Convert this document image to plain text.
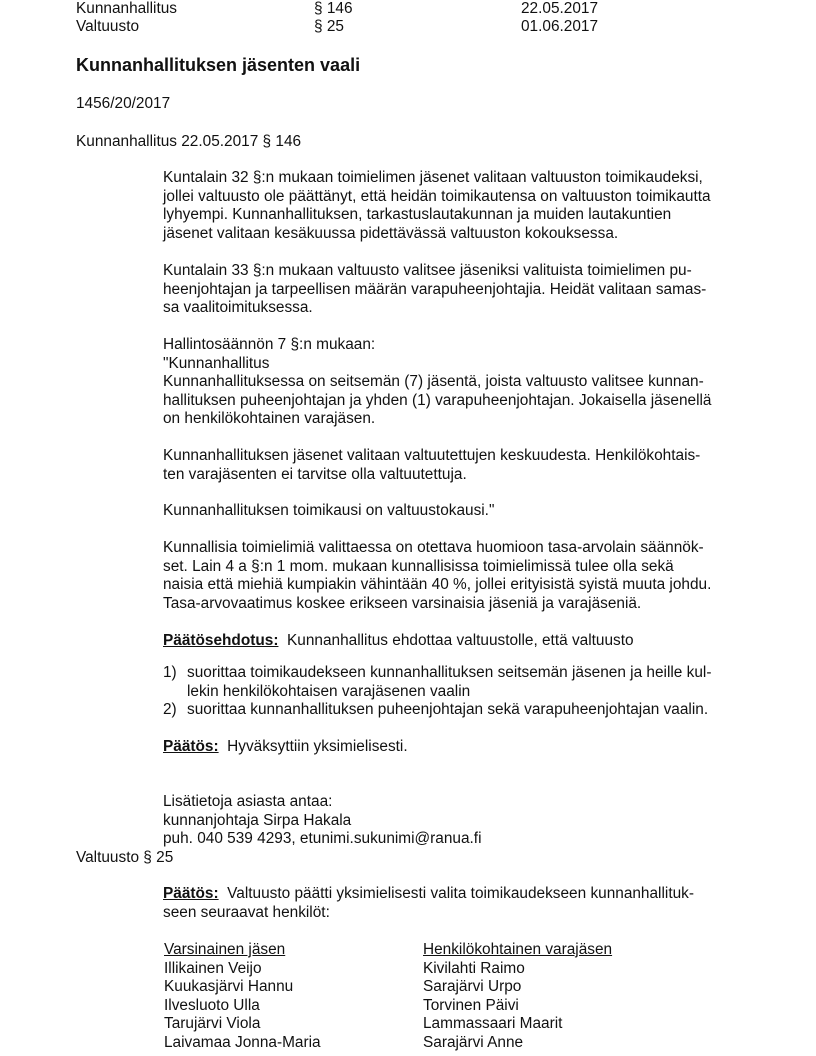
Kunnanhallitus	§ 146	22.05.2017
Valtuusto	§ 25	01.06.2017
Kunnanhallituksen jäsenten vaali
1456/20/2017
Kunnanhallitus 22.05.2017 § 146
Kuntalain 32 §:n mukaan toimielimen jäsenet valitaan valtuuston toimikaudeksi,
jollei valtuusto ole päättänyt, että heidän toimikautensa on valtuuston toimikautta
lyhyempi. Kunnanhallituksen, tarkastuslautakunnan ja muiden lautakuntien
jäsenet valitaan kesäkuussa pidettävässä valtuuston kokouksessa.
Kuntalain 33 §:n mukaan valtuusto valitsee jäseniksi valituista toimielimen pu-
heenjohtajan ja tarpeellisen määrän varapuheenjohtajia. Heidät valitaan samas-
sa vaalitoimituksessa.
Hallintosäännön 7 §:n mukaan:
"Kunnanhallitus
Kunnanhallituksessa on seitsemän (7) jäsentä, joista valtuusto valitsee kunnan-
hallituksen puheenjohtajan ja yhden (1) varapuheenjohtajan. Jokaisella jäsenellä
on henkilökohtainen varajäsen.
Kunnanhallituksen jäsenet valitaan valtuutettujen keskuudesta. Henkilökohtais-
ten varajäsenten ei tarvitse olla valtuutettuja.
Kunnanhallituksen toimikausi on valtuustokausi."
Kunnallisia toimielimiä valittaessa on otettava huomioon tasa-arvolain säännök-
set. Lain 4 a §:n 1 mom. mukaan kunnallisissa toimielimissä tulee olla sekä
naisia että miehiä kumpiakin vähintään 40 %, jollei erityisistä syistä muuta johdu.
Tasa-arvovaatimus koskee erikseen varsinaisia jäseniä ja varajäseniä.
Päätösehdotus: Kunnanhallitus ehdottaa valtuustolle, että valtuusto
1) suorittaa toimikaudekseen kunnanhallituksen seitsemän jäsenen ja heille kul-
lekin henkilökohtaisen varajäsenen vaalin
2) suorittaa kunnanhallituksen puheenjohtajan sekä varapuheenjohtajan vaalin.
Päätös: Hyväksyttiin yksimielisesti.
Lisätietoja asiasta antaa:
kunnanjohtaja Sirpa Hakala
puh. 040 539 4293, etunimi.sukunimi@ranua.fi
Valtuusto § 25
Päätös: Valtuusto päätti yksimielisesti valita toimikaudekseen kunnanhallituk-
seen seuraavat henkilöt:
Varsinainen jäsen	Henkilökohtainen varajäsen
Illikainen Veijo	Kivilahti Raimo
Kuukasjärvi Hannu	Sarajärvi Urpo
Ilvesluoto Ulla	Torvinen Päivi
Tarujärvi Viola	Lammassaari Maarit
Laivamaa Jonna-Maria	Sarajärvi Anne
